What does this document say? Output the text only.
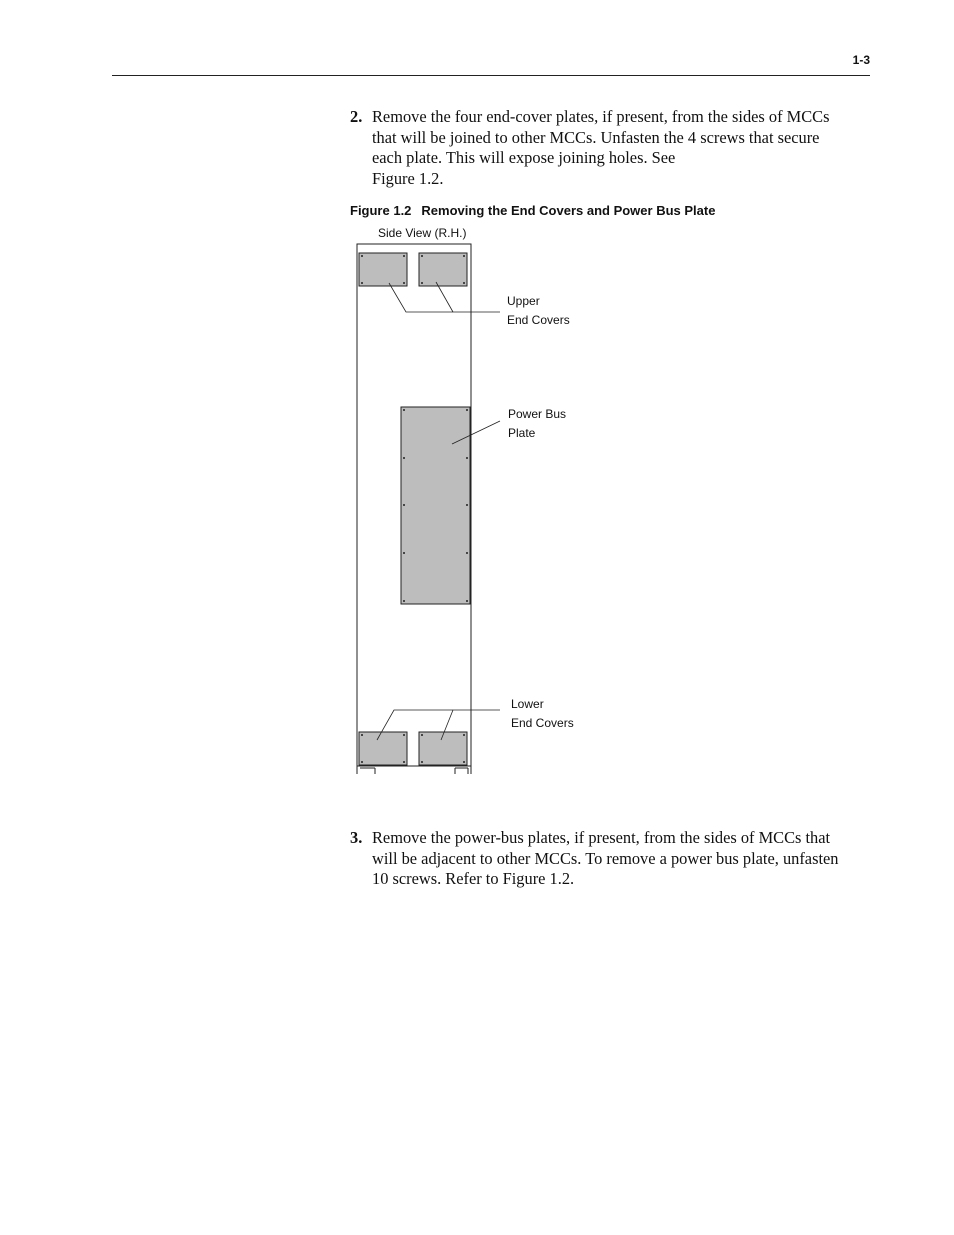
1-3
2. Remove the four end-cover plates, if present, from the sides of MCCs
that will be joined to other MCCs. Unfasten the 4 screws that secure
each plate. This will expose joining holes. See
Figure 1.2.
Figure 1.2 Removing the End Covers and Power Bus Plate
Side View (R.H.)
Upper
End Covers
Power Bus
Plate
Lower
End Covers
3. Remove the power-bus plates, if present, from the sides of MCCs that
will be adjacent to other MCCs. To remove a power bus plate, unfasten
10 screws. Refer to Figure 1.2.
